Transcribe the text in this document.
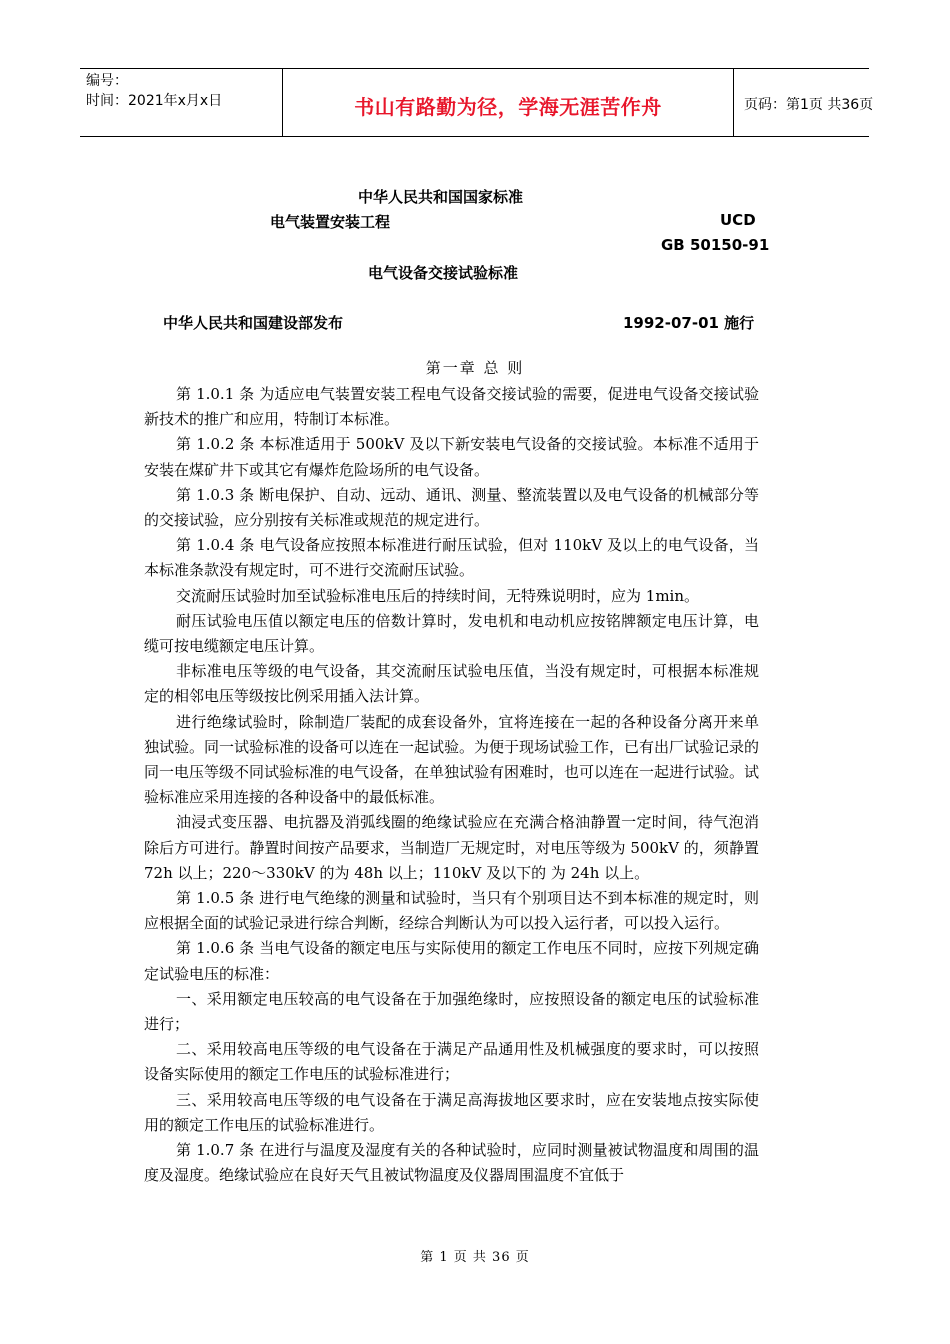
编号：
时间：2021年x月x日	书山有路勤为径，学海无涯苦作舟	页码：第1页 共36页
中华人民共和国国家标准
电气装置安装工程	UCD
GB 50150-91
电气设备交接试验标准
中华人民共和国建设部发布	1992-07-01 施行
第一章 总 则

第 1.0.1 条 为适应电气装置安装工程电气设备交接试验的需要，促进电气设备交接试验新技术的推广和应用，特制订本标准。

第 1.0.2 条 本标准适用于 500kV 及以下新安装电气设备的交接试验。本标准不适用于安装在煤矿井下或其它有爆炸危险场所的电气设备。

第 1.0.3 条 断电保护、自动、远动、通讯、测量、整流装置以及电气设备的机械部分等的交接试验，应分别按有关标准或规范的规定进行。

第 1.0.4 条 电气设备应按照本标准进行耐压试验，但对 110kV 及以上的电气设备，当本标准条款没有规定时，可不进行交流耐压试验。

交流耐压试验时加至试验标准电压后的持续时间，无特殊说明时，应为 1min。

耐压试验电压值以额定电压的倍数计算时，发电机和电动机应按铭牌额定电压计算，电缆可按电缆额定电压计算。

非标准电压等级的电气设备，其交流耐压试验电压值，当没有规定时，可根据本标准规定的相邻电压等级按比例采用插入法计算。

进行绝缘试验时，除制造厂装配的成套设备外，宜将连接在一起的各种设备分离开来单独试验。同一试验标准的设备可以连在一起试验。为便于现场试验工作，已有出厂试验记录的同一电压等级不同试验标准的电气设备，在单独试验有困难时，也可以连在一起进行试验。试验标准应采用连接的各种设备中的最低标准。

油浸式变压器、电抗器及消弧线圈的绝缘试验应在充满合格油静置一定时间，待气泡消除后方可进行。静置时间按产品要求，当制造厂无规定时，对电压等级为 500kV 的，须静置 72h 以上；220～330kV 的为 48h 以上；110kV 及以下的 为 24h 以上。

第 1.0.5 条 进行电气绝缘的测量和试验时，当只有个别项目达不到本标准的规定时，则应根据全面的试验记录进行综合判断，经综合判断认为可以投入运行者，可以投入运行。

第 1.0.6 条 当电气设备的额定电压与实际使用的额定工作电压不同时，应按下列规定确定试验电压的标准：

一、采用额定电压较高的电气设备在于加强绝缘时，应按照设备的额定电压的试验标准进行；

二、采用较高电压等级的电气设备在于满足产品通用性及机械强度的要求时，可以按照设备实际使用的额定工作电压的试验标准进行；

三、采用较高电压等级的电气设备在于满足高海拔地区要求时，应在安装地点按实际使用的额定工作电压的试验标准进行。

第 1.0.7 条 在进行与温度及湿度有关的各种试验时，应同时测量被试物温度和周围的温度及湿度。绝缘试验应在良好天气且被试物温度及仪器周围温度不宜低于

第 1 页 共 36 页
